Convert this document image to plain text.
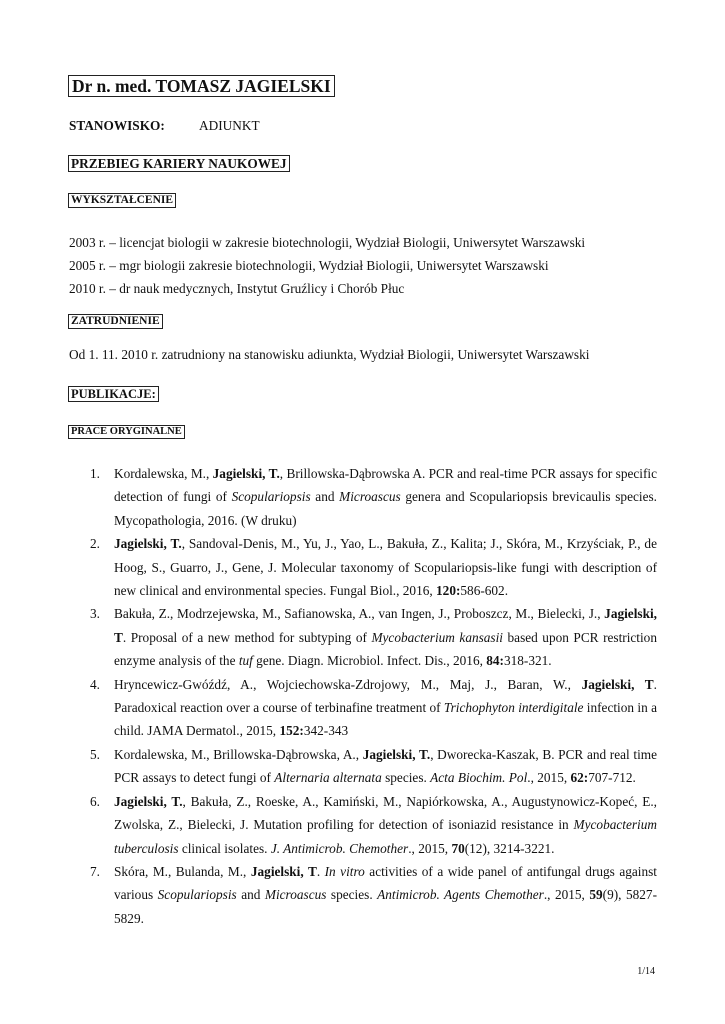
Dr n. med. TOMASZ JAGIELSKI
STANOWISKO:	ADIUNKT
PRZEBIEG KARIERY NAUKOWEJ
WYKSZTAŁCENIE
2003 r. – licencjat biologii w zakresie biotechnologii, Wydział Biologii, Uniwersytet Warszawski
2005 r. – mgr biologii zakresie biotechnologii, Wydział Biologii, Uniwersytet Warszawski
2010 r. – dr nauk medycznych, Instytut Gruźlicy i Chorób Płuc
ZATRUDNIENIE
Od 1. 11. 2010 r. zatrudniony na stanowisku adiunkta, Wydział Biologii, Uniwersytet Warszawski
PUBLIKACJE:
PRACE ORYGINALNE
1. Kordalewska, M., Jagielski, T., Brillowska-Dąbrowska A. PCR and real-time PCR assays for specific detection of fungi of Scopulariopsis and Microascus genera and Scopulariopsis brevicaulis species. Mycopathologia, 2016. (W druku)
2. Jagielski, T., Sandoval-Denis, M., Yu, J., Yao, L., Bakuła, Z., Kalita; J., Skóra, M., Krzyściak, P., de Hoog, S., Guarro, J., Gene, J. Molecular taxonomy of Scopulariopsis-like fungi with description of new clinical and environmental species. Fungal Biol., 2016, 120:586-602.
3. Bakuła, Z., Modrzejewska, M., Safianowska, A., van Ingen, J., Proboszcz, M., Bielecki, J., Jagielski, T. Proposal of a new method for subtyping of Mycobacterium kansasii based upon PCR restriction enzyme analysis of the tuf gene. Diagn. Microbiol. Infect. Dis., 2016, 84:318-321.
4. Hryncewicz-Gwóźdź, A., Wojciechowska-Zdrojowy, M., Maj, J., Baran, W., Jagielski, T. Paradoxical reaction over a course of terbinafine treatment of Trichophyton interdigitale infection in a child. JAMA Dermatol., 2015, 152:342-343
5. Kordalewska, M., Brillowska-Dąbrowska, A., Jagielski, T., Dworecka-Kaszak, B. PCR and real time PCR assays to detect fungi of Alternaria alternata species. Acta Biochim. Pol., 2015, 62:707-712.
6. Jagielski, T., Bakuła, Z., Roeske, A., Kamiński, M., Napiórkowska, A., Augustynowicz-Kopeć, E., Zwolska, Z., Bielecki, J. Mutation profiling for detection of isoniazid resistance in Mycobacterium tuberculosis clinical isolates. J. Antimicrob. Chemother., 2015, 70(12), 3214-3221.
7. Skóra, M., Bulanda, M., Jagielski, T. In vitro activities of a wide panel of antifungal drugs against various Scopulariopsis and Microascus species. Antimicrob. Agents Chemother., 2015, 59(9), 5827-5829.
1/14
